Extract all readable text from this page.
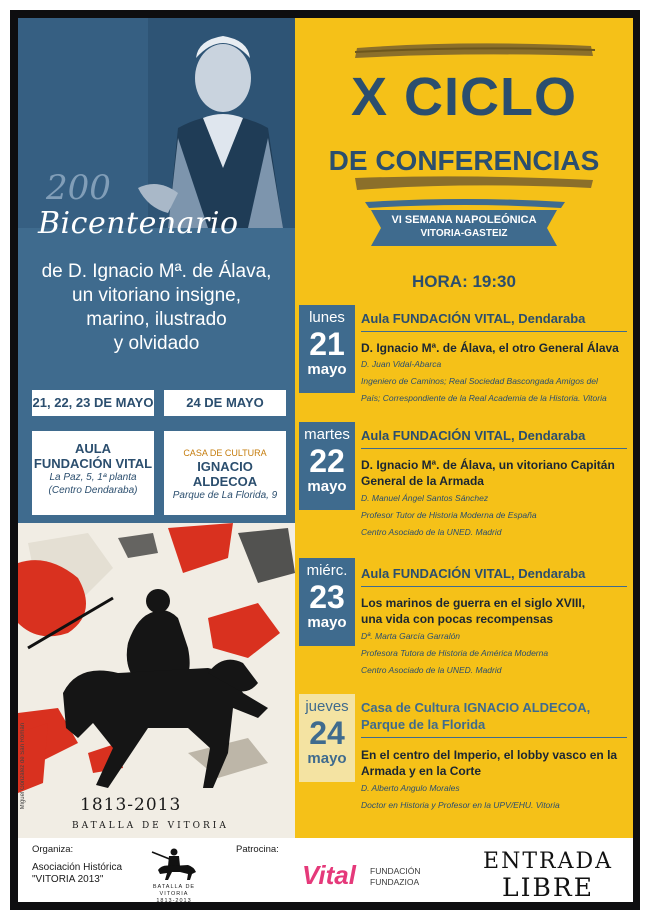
200
Bicentenario
de D. Ignacio Mª. de Álava,
un vitoriano insigne,
marino, ilustrado
y olvidado
21, 22, 23 DE MAYO	24 DE MAYO
AULA
FUNDACIÓN VITAL
La Paz, 5, 1ª planta
(Centro Dendaraba)
CASA DE CULTURA
IGNACIO ALDECOA
Parque de La Florida, 9
Miguel González de San Román	1813-2013
BATALLA DE VITORIA
X CICLO
DE CONFERENCIAS
VI SEMANA NAPOLEÓNICA
VITORIA-GASTEIZ
HORA: 19:30
lunes
21
mayo
Aula FUNDACIÓN VITAL, Dendaraba
D. Ignacio Mª. de Álava, el otro General Álava
D. Juan Vidal-Abarca
Ingeniero de Caminos; Real Sociedad Bascongada Amigos del
País; Correspondiente de la Real Academia de la Historia. Vitoria
martes
22
mayo
Aula FUNDACIÓN VITAL, Dendaraba
D. Ignacio Mª. de Álava, un vitoriano Capitán
General de la Armada
D. Manuel Ángel Santos Sánchez
Profesor Tutor de Historia Moderna de España
Centro Asociado de la UNED. Madrid
miérc.
23
mayo
Aula FUNDACIÓN VITAL, Dendaraba
Los marinos de guerra en el siglo XVIII,
una vida con pocas recompensas
Dª. Marta García Garralón
Profesora Tutora de Historia de América Moderna
Centro Asociado de la UNED. Madrid
jueves
24
mayo
Casa de Cultura IGNACIO ALDECOA,
Parque de la Florida
En el centro del Imperio, el lobby vasco en la
Armada y en la Corte
D. Alberto Angulo Morales
Doctor en Historia y Profesor en la UPV/EHU. Vitoria
Organiza:
Asociación Histórica
"VITORIA 2013"
BATALLA DE VITORIA
1813-2013
Patrocina:
Vital FUNDACIÓN
FUNDAZIOA
ENTRADA
LIBRE
